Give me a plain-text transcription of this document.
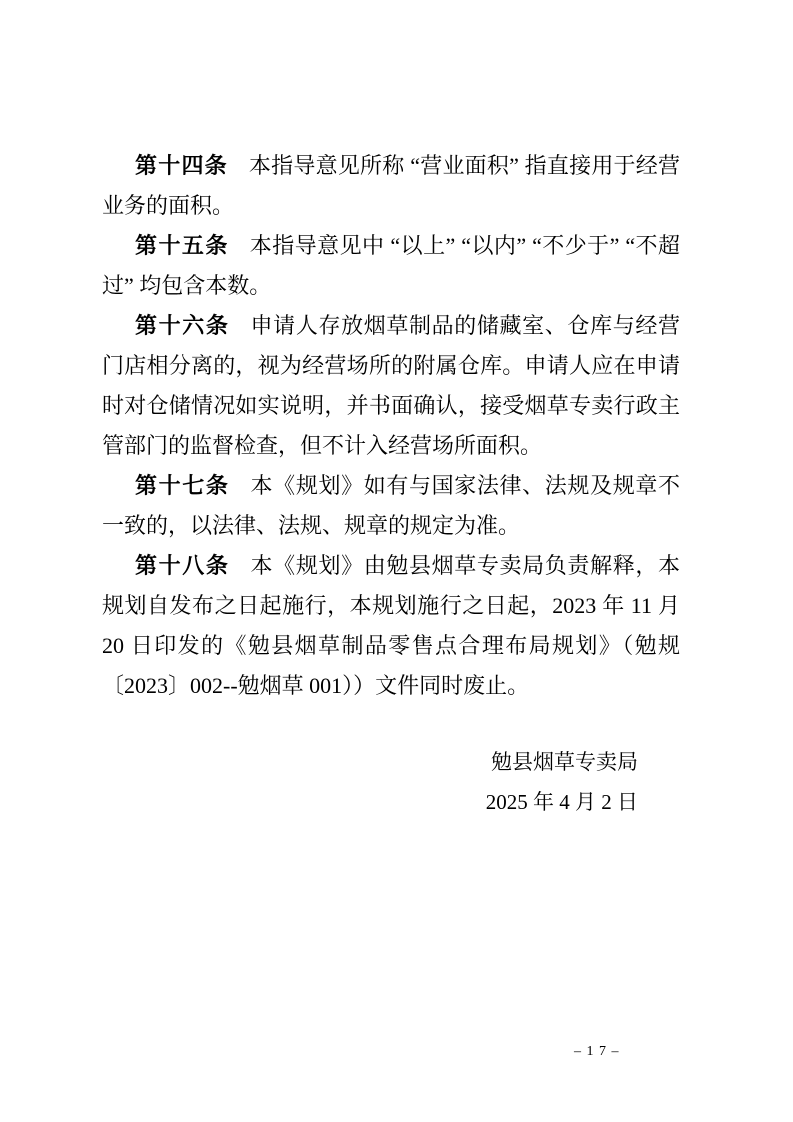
第十四条 本指导意见所称 “营业面积” 指直接用于经营业务的面积。

第十五条 本指导意见中 “以上” “以内” “不少于” “不超过” 均包含本数。

第十六条 申请人存放烟草制品的储藏室、仓库与经营门店相分离的，视为经营场所的附属仓库。申请人应在申请时对仓储情况如实说明，并书面确认，接受烟草专卖行政主管部门的监督检查，但不计入经营场所面积。

第十七条 本《规划》如有与国家法律、法规及规章不一致的，以法律、法规、规章的规定为准。

第十八条 本《规划》由勉县烟草专卖局负责解释，本规划自发布之日起施行，本规划施行之日起，2023 年 11 月 20 日印发的《勉县烟草制品零售点合理布局规划》（勉规〔2023〕002--勉烟草 001））文件同时废止。

勉县烟草专卖局
2025 年 4 月 2 日
– 1 7 –
